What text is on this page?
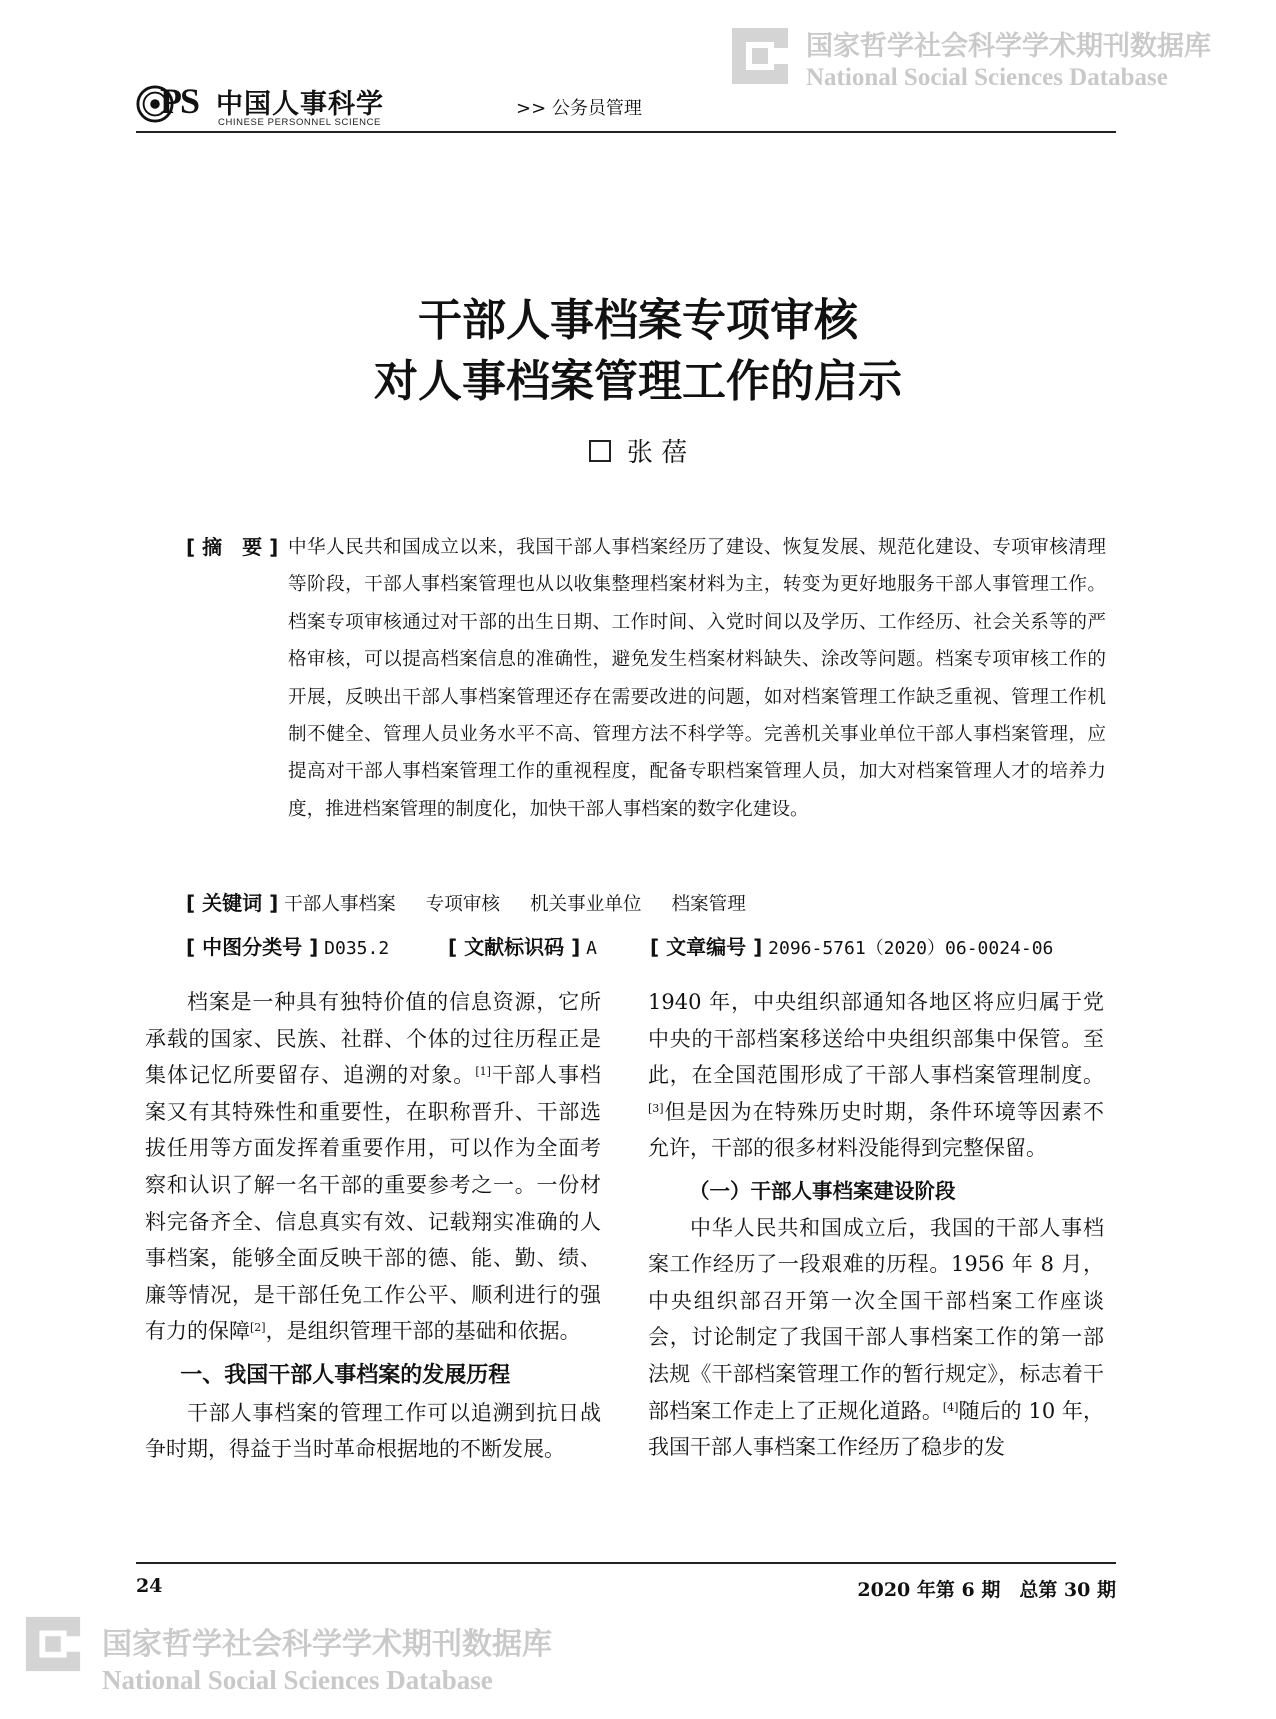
国家哲学社会科学学术期刊数据库
National Social Sciences Database
PS 中国人事科学
CHINESE PERSONNEL SCIENCE
>> 公务员管理
干部人事档案专项审核
对人事档案管理工作的启示
张 蓓
[ 摘　要 ] 中华人民共和国成立以来，我国干部人事档案经历了建设、恢复发展、规范化建设、专项审核清理等阶段，干部人事档案管理也从以收集整理档案材料为主，转变为更好地服务干部人事管理工作。档案专项审核通过对干部的出生日期、工作时间、入党时间以及学历、工作经历、社会关系等的严格审核，可以提高档案信息的准确性，避免发生档案材料缺失、涂改等问题。档案专项审核工作的开展，反映出干部人事档案管理还存在需要改进的问题，如对档案管理工作缺乏重视、管理工作机制不健全、管理人员业务水平不高、管理方法不科学等。完善机关事业单位干部人事档案管理，应提高对干部人事档案管理工作的重视程度，配备专职档案管理人员，加大对档案管理人才的培养力度，推进档案管理的制度化，加快干部人事档案的数字化建设。
[ 关键词 ] 干部人事档案 专项审核 机关事业单位 档案管理
[ 中图分类号 ] D035.2	[ 文献标识码 ] A	[ 文章编号 ] 2096-5761（2020）06-0024-06

档案是一种具有独特价值的信息资源，它所承载的国家、民族、社群、个体的过往历程正是集体记忆所要留存、追溯的对象。[1]干部人事档案又有其特殊性和重要性，在职称晋升、干部选拔任用等方面发挥着重要作用，可以作为全面考察和认识了解一名干部的重要参考之一。一份材料完备齐全、信息真实有效、记载翔实准确的人事档案，能够全面反映干部的德、能、勤、绩、廉等情况，是干部任免工作公平、顺利进行的强有力的保障[2]，是组织管理干部的基础和依据。

一、我国干部人事档案的发展历程

干部人事档案的管理工作可以追溯到抗日战争时期，得益于当时革命根据地的不断发展。

1940 年，中央组织部通知各地区将应归属于党中央的干部档案移送给中央组织部集中保管。至此，在全国范围形成了干部人事档案管理制度。[3]但是因为在特殊历史时期，条件环境等因素不允许，干部的很多材料没能得到完整保留。

（一）干部人事档案建设阶段

中华人民共和国成立后，我国的干部人事档案工作经历了一段艰难的历程。1956 年 8 月，中央组织部召开第一次全国干部档案工作座谈会，讨论制定了我国干部人事档案工作的第一部法规《干部档案管理工作的暂行规定》，标志着干部档案工作走上了正规化道路。[4]随后的 10 年，我国干部人事档案工作经历了稳步的发

24	2020 年第 6 期　总第 30 期
国家哲学社会科学学术期刊数据库
National Social Sciences Database
